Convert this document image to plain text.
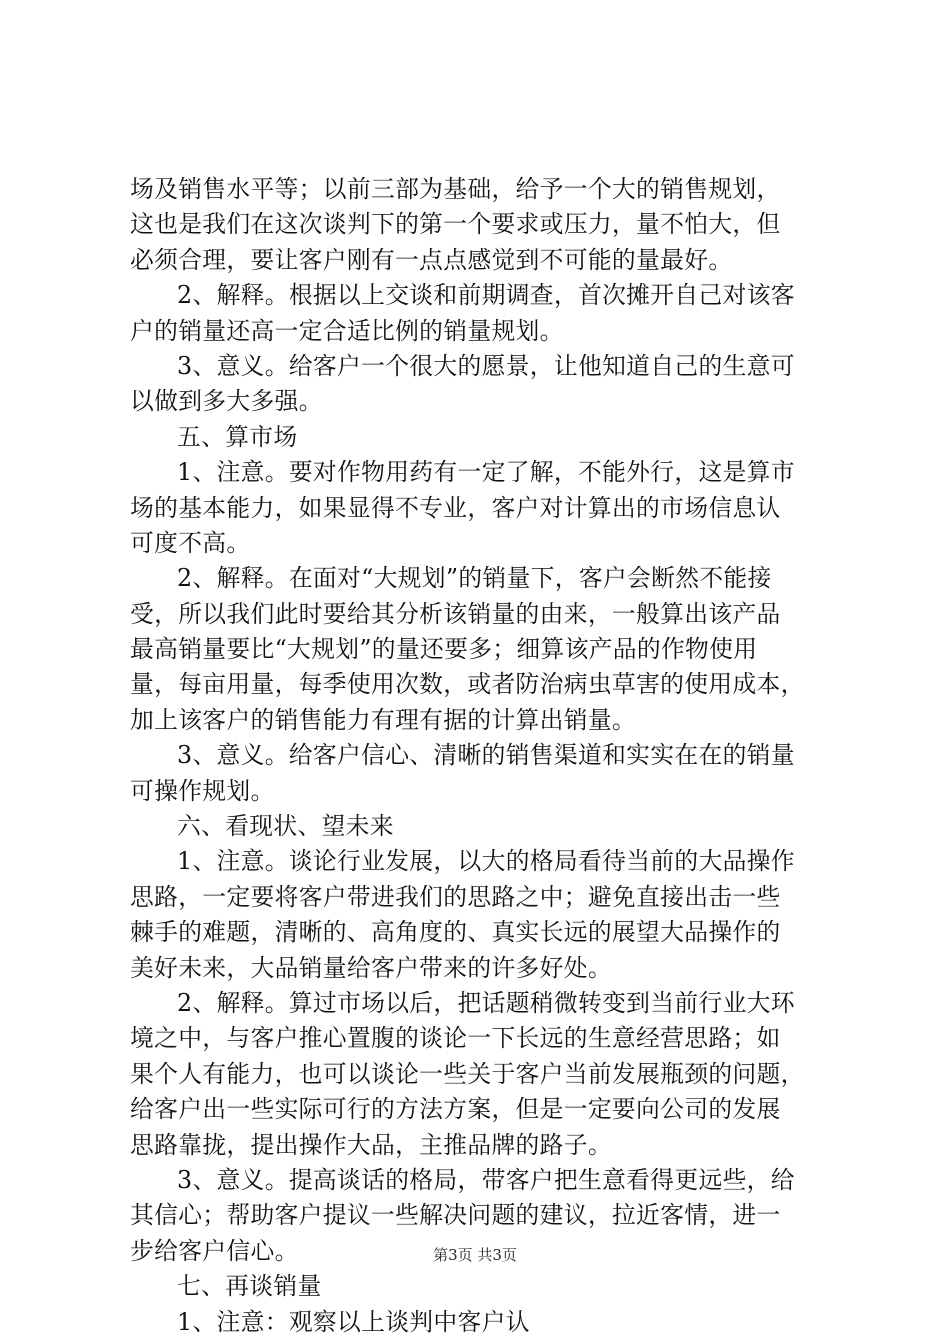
场及销售水平等；以前三部为基础，给予一个大的销售规划，
这也是我们在这次谈判下的第一个要求或压力，量不怕大，但
必须合理，要让客户刚有一点点感觉到不可能的量最好。
2、解释。根据以上交谈和前期调查，首次摊开自己对该客
户的销量还高一定合适比例的销量规划。
3、意义。给客户一个很大的愿景，让他知道自己的生意可
以做到多大多强。
五、算市场
1、注意。要对作物用药有一定了解，不能外行，这是算市
场的基本能力，如果显得不专业，客户对计算出的市场信息认
可度不高。
2、解释。在面对“大规划”的销量下，客户会断然不能接
受，所以我们此时要给其分析该销量的由来，一般算出该产品
最高销量要比“大规划”的量还要多；细算该产品的作物使用
量，每亩用量，每季使用次数，或者防治病虫草害的使用成本，
加上该客户的销售能力有理有据的计算出销量。
3、意义。给客户信心、清晰的销售渠道和实实在在的销量
可操作规划。
六、看现状、望未来
1、注意。谈论行业发展，以大的格局看待当前的大品操作
思路，一定要将客户带进我们的思路之中；避免直接出击一些
棘手的难题，清晰的、高角度的、真实长远的展望大品操作的
美好未来，大品销量给客户带来的许多好处。
2、解释。算过市场以后，把话题稍微转变到当前行业大环
境之中，与客户推心置腹的谈论一下长远的生意经营思路；如
果个人有能力，也可以谈论一些关于客户当前发展瓶颈的问题，
给客户出一些实际可行的方法方案，但是一定要向公司的发展
思路靠拢，提出操作大品，主推品牌的路子。
3、意义。提高谈话的格局，带客户把生意看得更远些，给
其信心；帮助客户提议一些解决问题的建议，拉近客情，进一
步给客户信心。
七、再谈销量
1、注意：观察以上谈判中客户认
第3页 共3页
